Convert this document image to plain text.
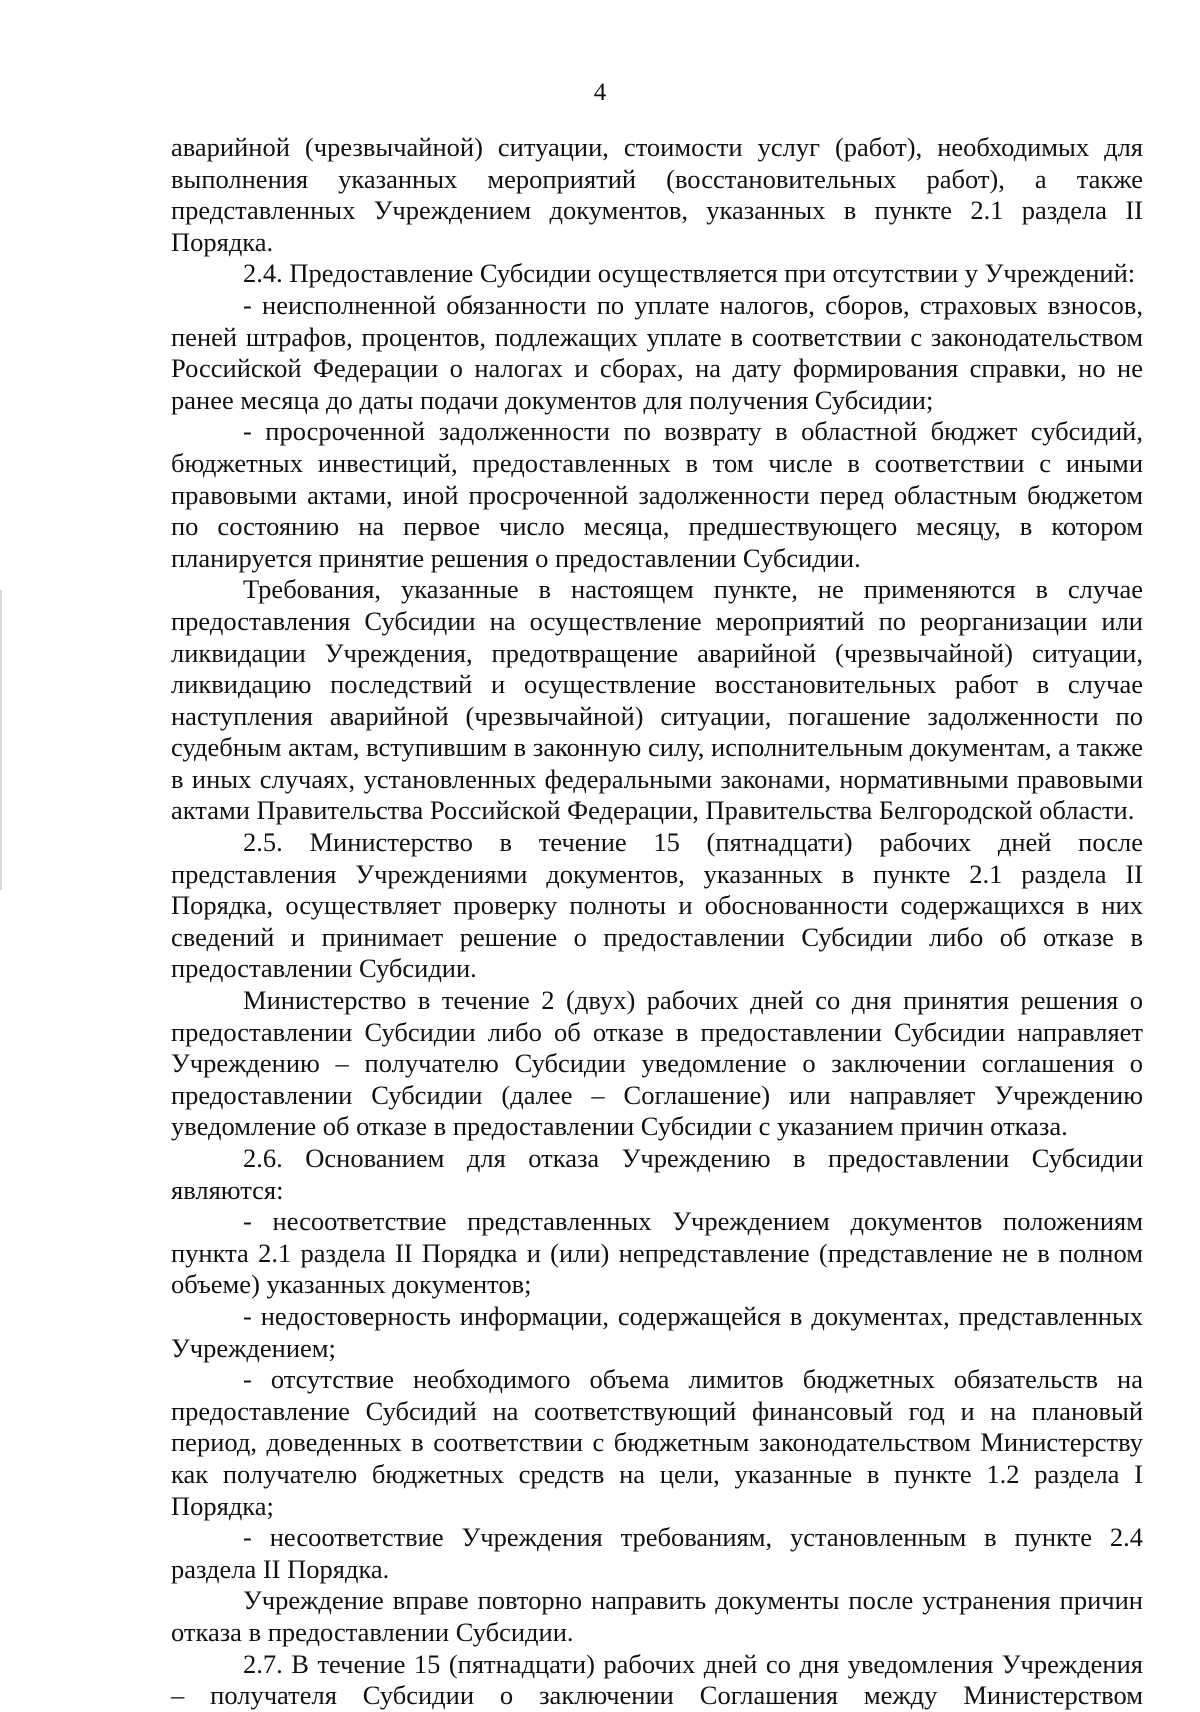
4

аварийной (чрезвычайной) ситуации, стоимости услуг (работ), необходимых для выполнения указанных мероприятий (восстановительных работ), а также представленных Учреждением документов, указанных в пункте 2.1 раздела II Порядка.

2.4. Предоставление Субсидии осуществляется при отсутствии у Учреждений:

- неисполненной обязанности по уплате налогов, сборов, страховых взносов, пеней штрафов, процентов, подлежащих уплате в соответствии с законодательством Российской Федерации о налогах и сборах, на дату формирования справки, но не ранее месяца до даты подачи документов для получения Субсидии;

- просроченной задолженности по возврату в областной бюджет субсидий, бюджетных инвестиций, предоставленных в том числе в соответствии с иными правовыми актами, иной просроченной задолженности перед областным бюджетом по состоянию на первое число месяца, предшествующего месяцу, в котором планируется принятие решения о предоставлении Субсидии.

Требования, указанные в настоящем пункте, не применяются в случае предоставления Субсидии на осуществление мероприятий по реорганизации или ликвидации Учреждения, предотвращение аварийной (чрезвычайной) ситуации, ликвидацию последствий и осуществление восстановительных работ в случае наступления аварийной (чрезвычайной) ситуации, погашение задолженности по судебным актам, вступившим в законную силу, исполнительным документам, а также в иных случаях, установленных федеральными законами, нормативными правовыми актами Правительства Российской Федерации, Правительства Белгородской области.

2.5. Министерство в течение 15 (пятнадцати) рабочих дней после представления Учреждениями документов, указанных в пункте 2.1 раздела II Порядка, осуществляет проверку полноты и обоснованности содержащихся в них сведений и принимает решение о предоставлении Субсидии либо об отказе в предоставлении Субсидии.

Министерство в течение 2 (двух) рабочих дней со дня принятия решения о предоставлении Субсидии либо об отказе в предоставлении Субсидии направляет Учреждению – получателю Субсидии уведомление о заключении соглашения о предоставлении Субсидии (далее – Соглашение) или направляет Учреждению уведомление об отказе в предоставлении Субсидии с указанием причин отказа.

2.6. Основанием для отказа Учреждению в предоставлении Субсидии являются:

- несоответствие представленных Учреждением документов положениям пункта 2.1 раздела II Порядка и (или) непредставление (представление не в полном объеме) указанных документов;

- недостоверность информации, содержащейся в документах, представленных Учреждением;

- отсутствие необходимого объема лимитов бюджетных обязательств на предоставление Субсидий на соответствующий финансовый год и на плановый период, доведенных в соответствии с бюджетным законодательством Министерству как получателю бюджетных средств на цели, указанные в пункте 1.2 раздела I Порядка;

- несоответствие Учреждения требованиям, установленным в пункте 2.4 раздела II Порядка.

Учреждение вправе повторно направить документы после устранения причин отказа в предоставлении Субсидии.

2.7. В течение 15 (пятнадцати) рабочих дней со дня уведомления Учреждения – получателя Субсидии о заключении Соглашения между Министерством
